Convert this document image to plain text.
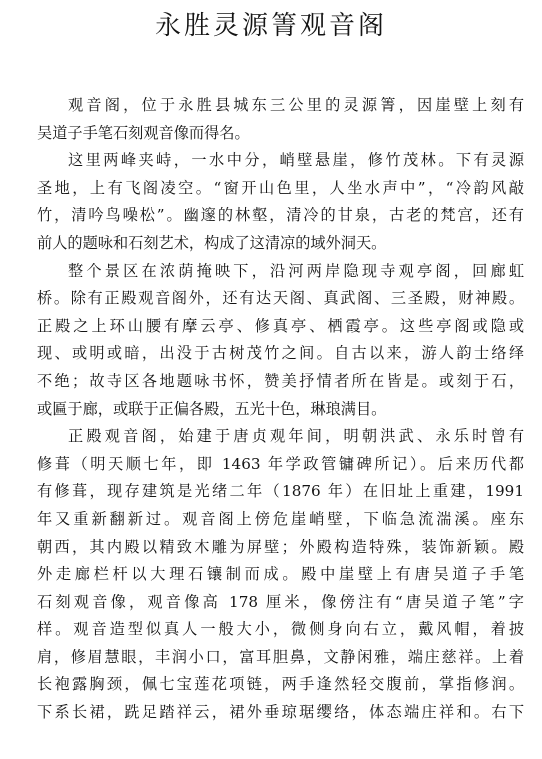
永胜灵源箐观音阁
观音阁，位于永胜县城东三公里的灵源箐，因崖壁上刻有
吴道子手笔石刻观音像而得名。
这里两峰夹峙，一水中分，峭壁悬崖，修竹茂林。下有灵源
圣地，上有飞阁凌空。“窗开山色里，人坐水声中”，“冷韵风敲
竹，清吟鸟噪松”。幽邃的林壑，清冷的甘泉，古老的梵宫，还有
前人的题咏和石刻艺术，构成了这清凉的域外洞天。
整个景区在浓荫掩映下，沿河两岸隐现寺观亭阁，回廊虹
桥。除有正殿观音阁外，还有达天阁、真武阁、三圣殿，财神殿。
正殿之上环山腰有摩云亭、修真亭、栖霞亭。这些亭阁或隐或
现、或明或暗，出没于古树茂竹之间。自古以来，游人韵士络绎
不绝；故寺区各地题咏书怀，赞美抒情者所在皆是。或刻于石，
或匾于廊，或联于正偏各殿，五光十色，琳琅满目。
正殿观音阁，始建于唐贞观年间，明朝洪武、永乐时曾有
修葺（明天顺七年，即 1463 年学政管镛碑所记）。后来历代都
有修葺，现存建筑是光绪二年（1876 年）在旧址上重建，1991
年又重新翻新过。观音阁上傍危崖峭壁，下临急流湍溪。座东
朝西，其内殿以精致木雕为屏壁；外殿构造特殊，装饰新颖。殿
外走廊栏杆以大理石镶制而成。殿中崖壁上有唐吴道子手笔
石刻观音像，观音像高 178 厘米，像傍注有“唐吴道子笔”字
样。观音造型似真人一般大小，微侧身向右立，戴风帽，着披
肩，修眉慧眼，丰润小口，富耳胆鼻，文静闲雅，端庄慈祥。上着
长袍露胸颈，佩七宝莲花项链，两手逢然轻交腹前，掌指修润。
下系长裙，跣足踏祥云，裙外垂琼琚缨络，体态端庄祥和。右下
